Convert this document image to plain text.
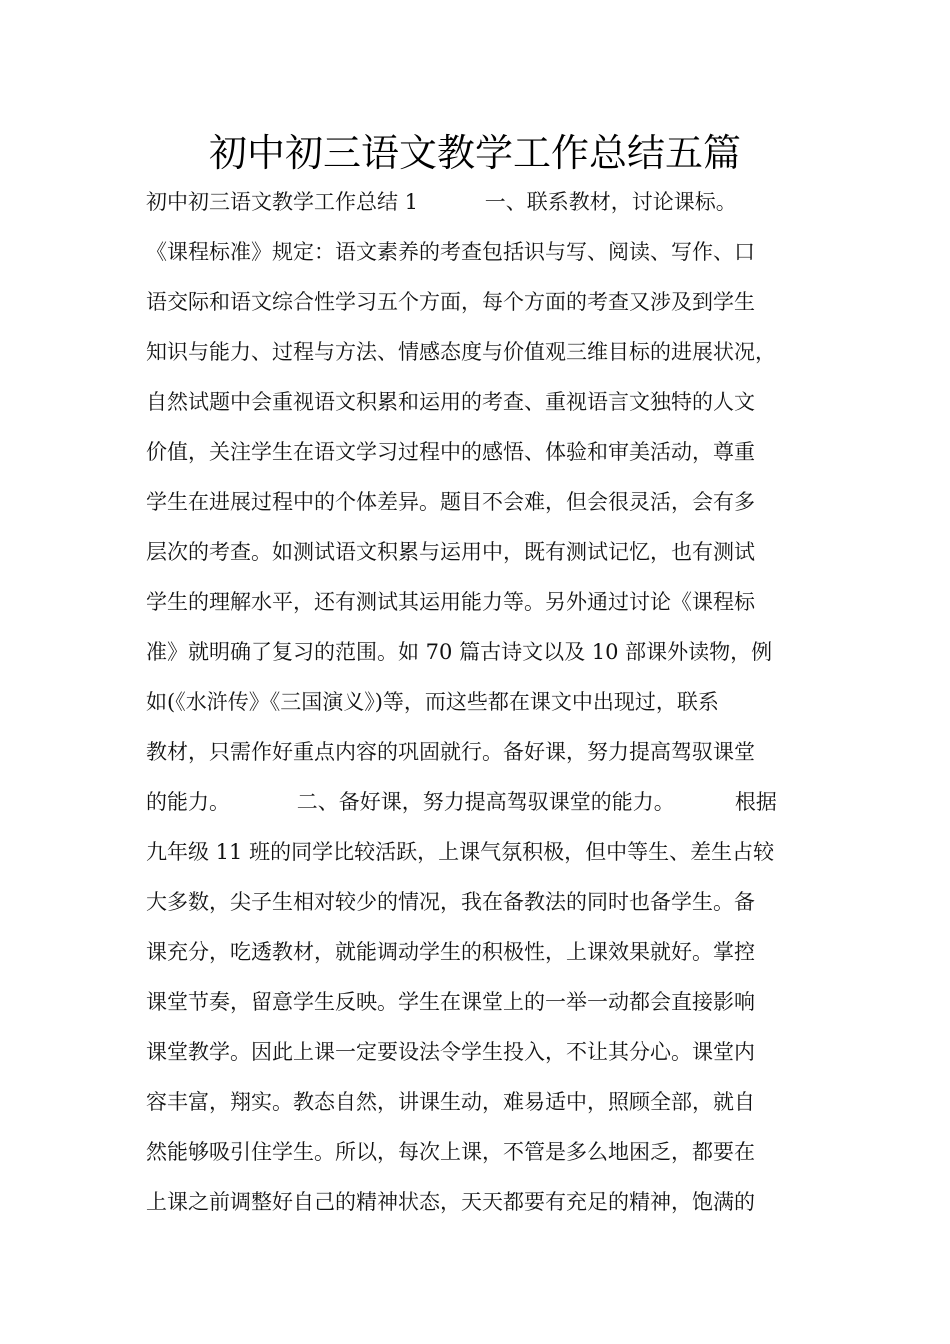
初中初三语文教学工作总结五篇
初中初三语文教学工作总结 1          一、联系教材，讨论课标。
《课程标准》规定：语文素养的考查包括识与写、阅读、写作、口
语交际和语文综合性学习五个方面，每个方面的考查又涉及到学生
知识与能力、过程与方法、情感态度与价值观三维目标的进展状况，
自然试题中会重视语文积累和运用的考查、重视语言文独特的人文
价值，关注学生在语文学习过程中的感悟、体验和审美活动，尊重
学生在进展过程中的个体差异。题目不会难，但会很灵活，会有多
层次的考查。如测试语文积累与运用中，既有测试记忆，也有测试
学生的理解水平，还有测试其运用能力等。另外通过讨论《课程标
准》就明确了复习的范围。如 70 篇古诗文以及 10 部课外读物，例
如(《水浒传》《三国演义》)等，而这些都在课文中出现过，联系
教材，只需作好重点内容的巩固就行。备好课，努力提高驾驭课堂
的能力。          二、备好课，努力提高驾驭课堂的能力。         根据
九年级 11 班的同学比较活跃，上课气氛积极，但中等生、差生占较
大多数，尖子生相对较少的情况，我在备教法的同时也备学生。备
课充分，吃透教材，就能调动学生的积极性，上课效果就好。掌控
课堂节奏，留意学生反映。学生在课堂上的一举一动都会直接影响
课堂教学。因此上课一定要设法令学生投入，不让其分心。课堂内
容丰富，翔实。教态自然，讲课生动，难易适中，照顾全部，就自
然能够吸引住学生。所以，每次上课，不管是多么地困乏，都要在
上课之前调整好自己的精神状态，天天都要有充足的精神，饱满的
